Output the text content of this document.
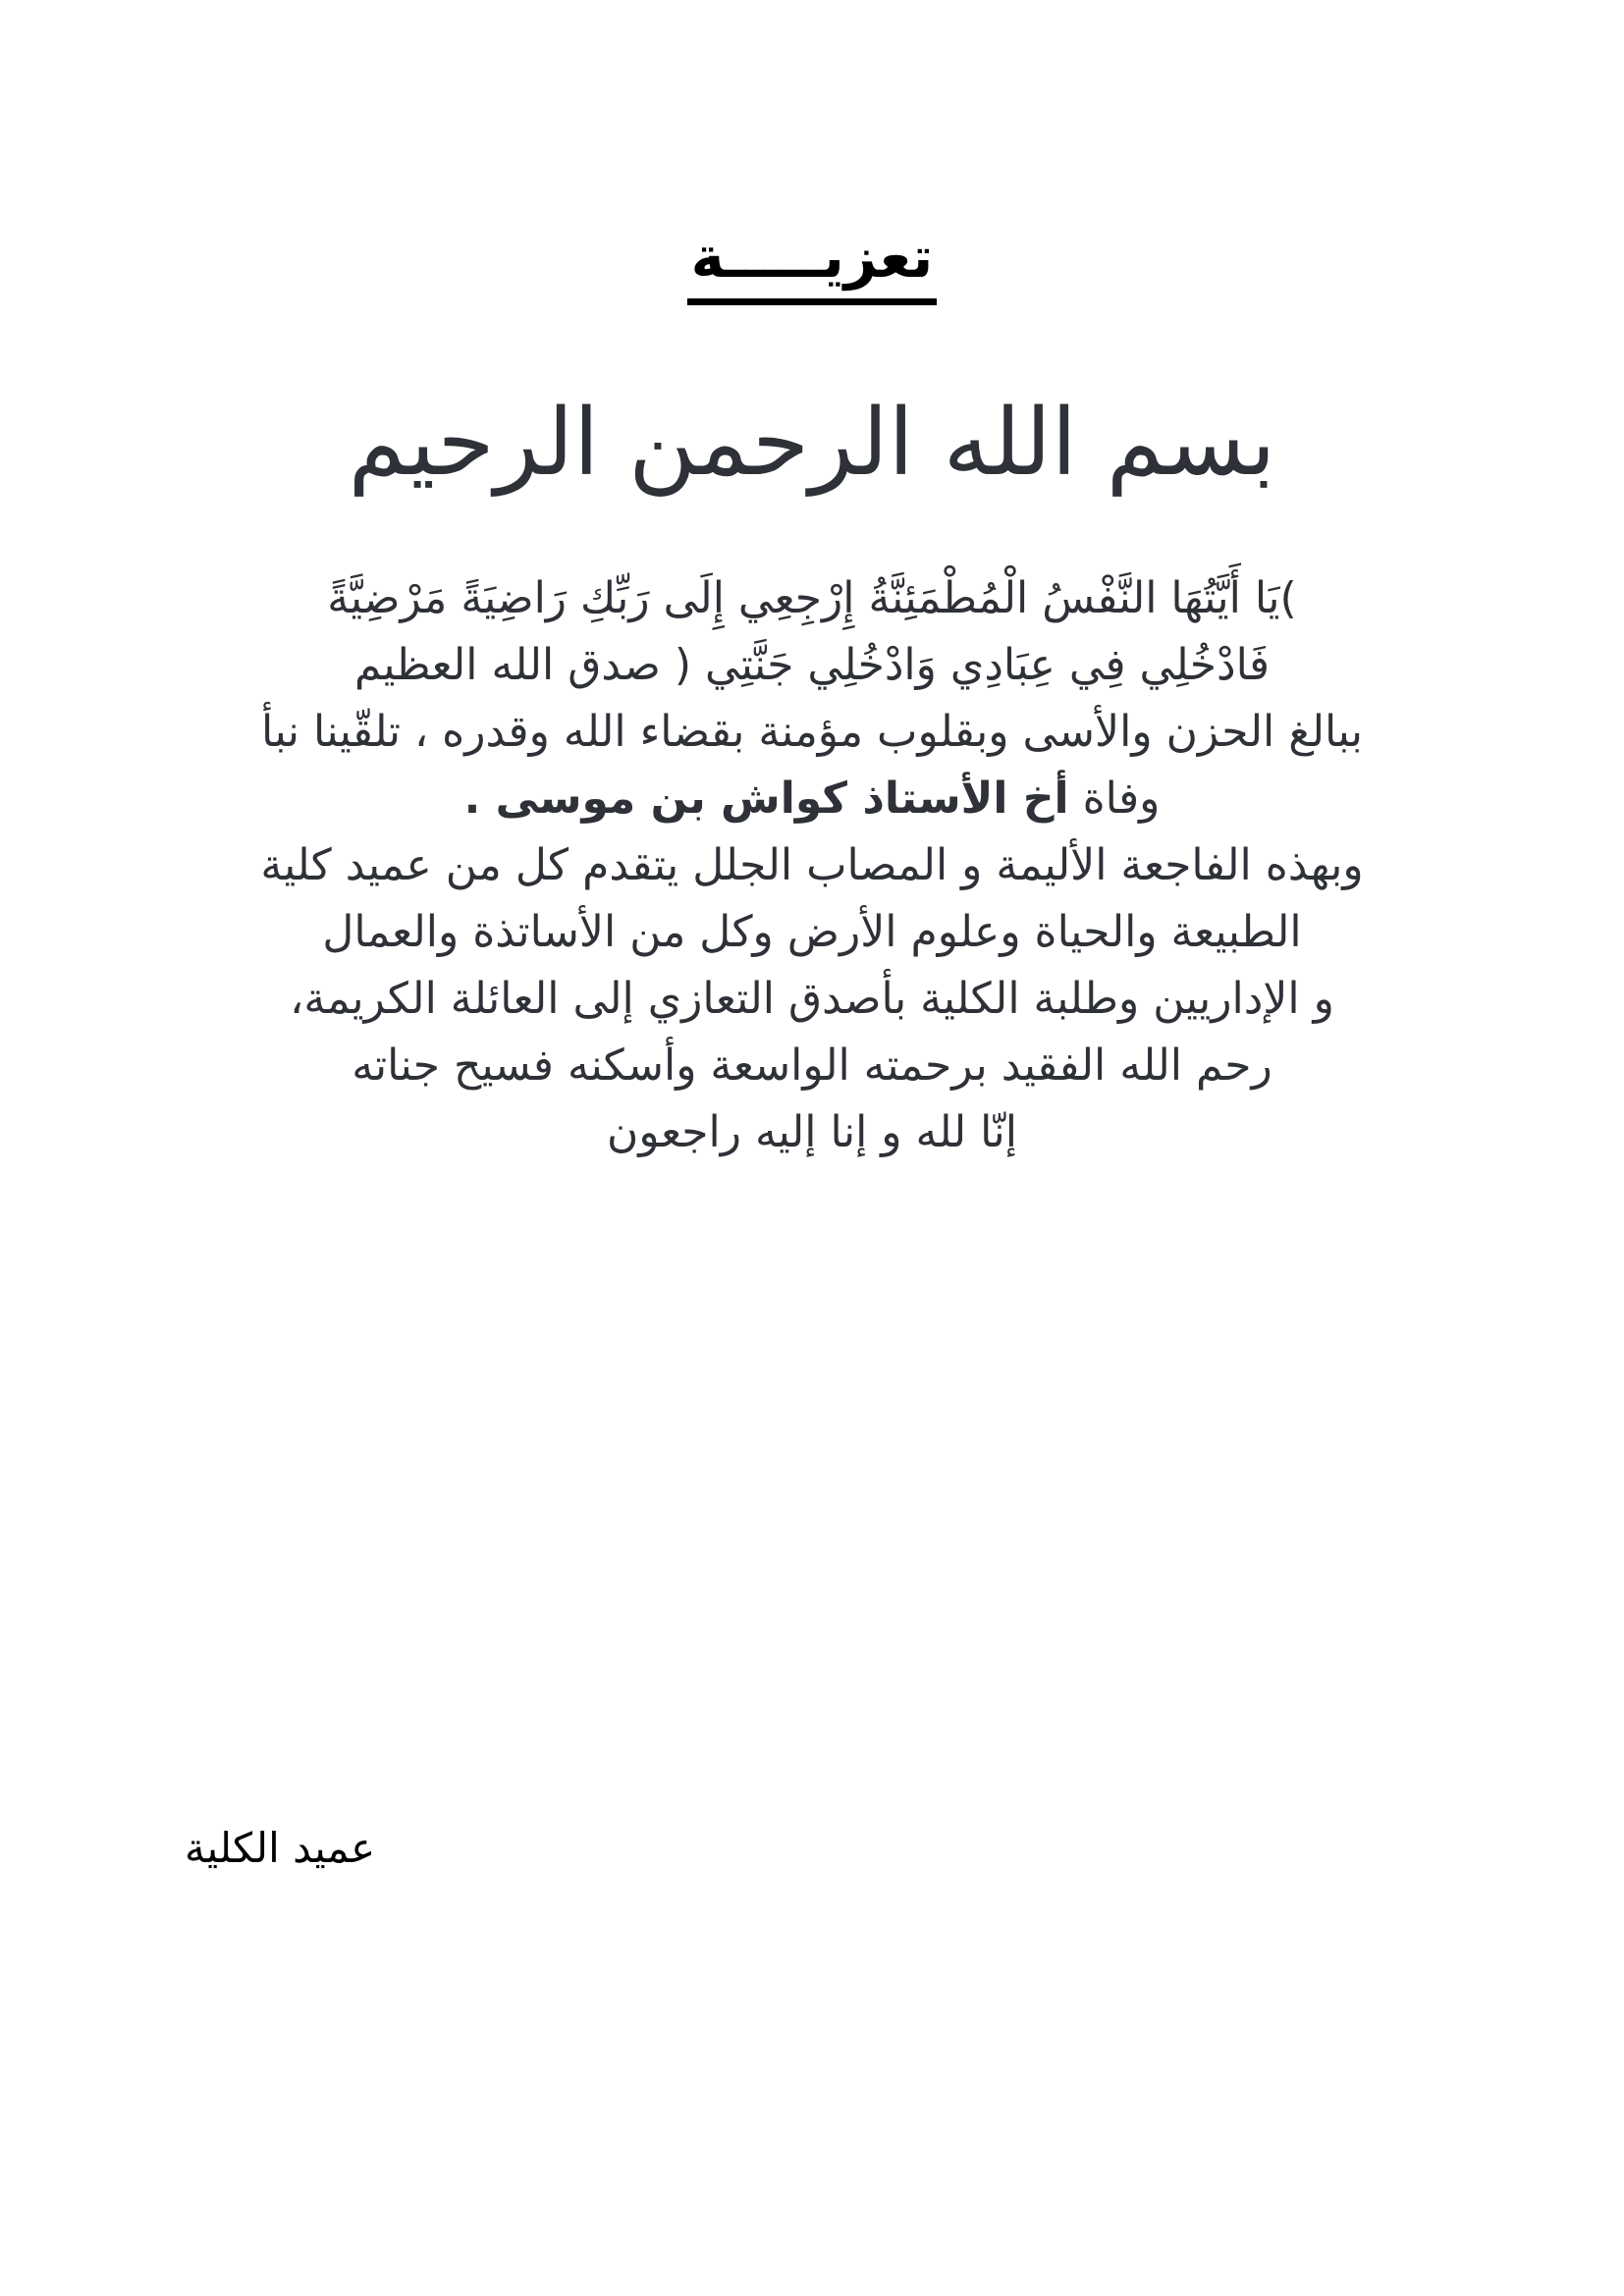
تعزيـــــة
بسم الله الرحمن الرحيم
)يَا أَيَّتُهَا النَّفْسُ الْمُطْمَئِنَّةُ إِرْجِعِي إِلَى رَبِّكِ رَاضِيَةً مَرْضِيَّةً
فَادْخُلِي فِي عِبَادِي وَادْخُلِي جَنَّتِي ( صدق الله العظيم
ببالغ الحزن والأسى وبقلوب مؤمنة بقضاء الله وقدره ، تلقّينا نبأ
وفاة أخ الأستاذ كواش بن موسى .
وبهذه الفاجعة الأليمة و المصاب الجلل يتقدم كل من عميد كلية
الطبيعة والحياة وعلوم الأرض وكل من الأساتذة والعمال
و الإداريين وطلبة الكلية بأصدق التعازي إلى العائلة الكريمة،
رحم الله الفقيد برحمته الواسعة وأسكنه فسيح جناته
إنّا لله و إنا إليه راجعون
عميد الكلية
